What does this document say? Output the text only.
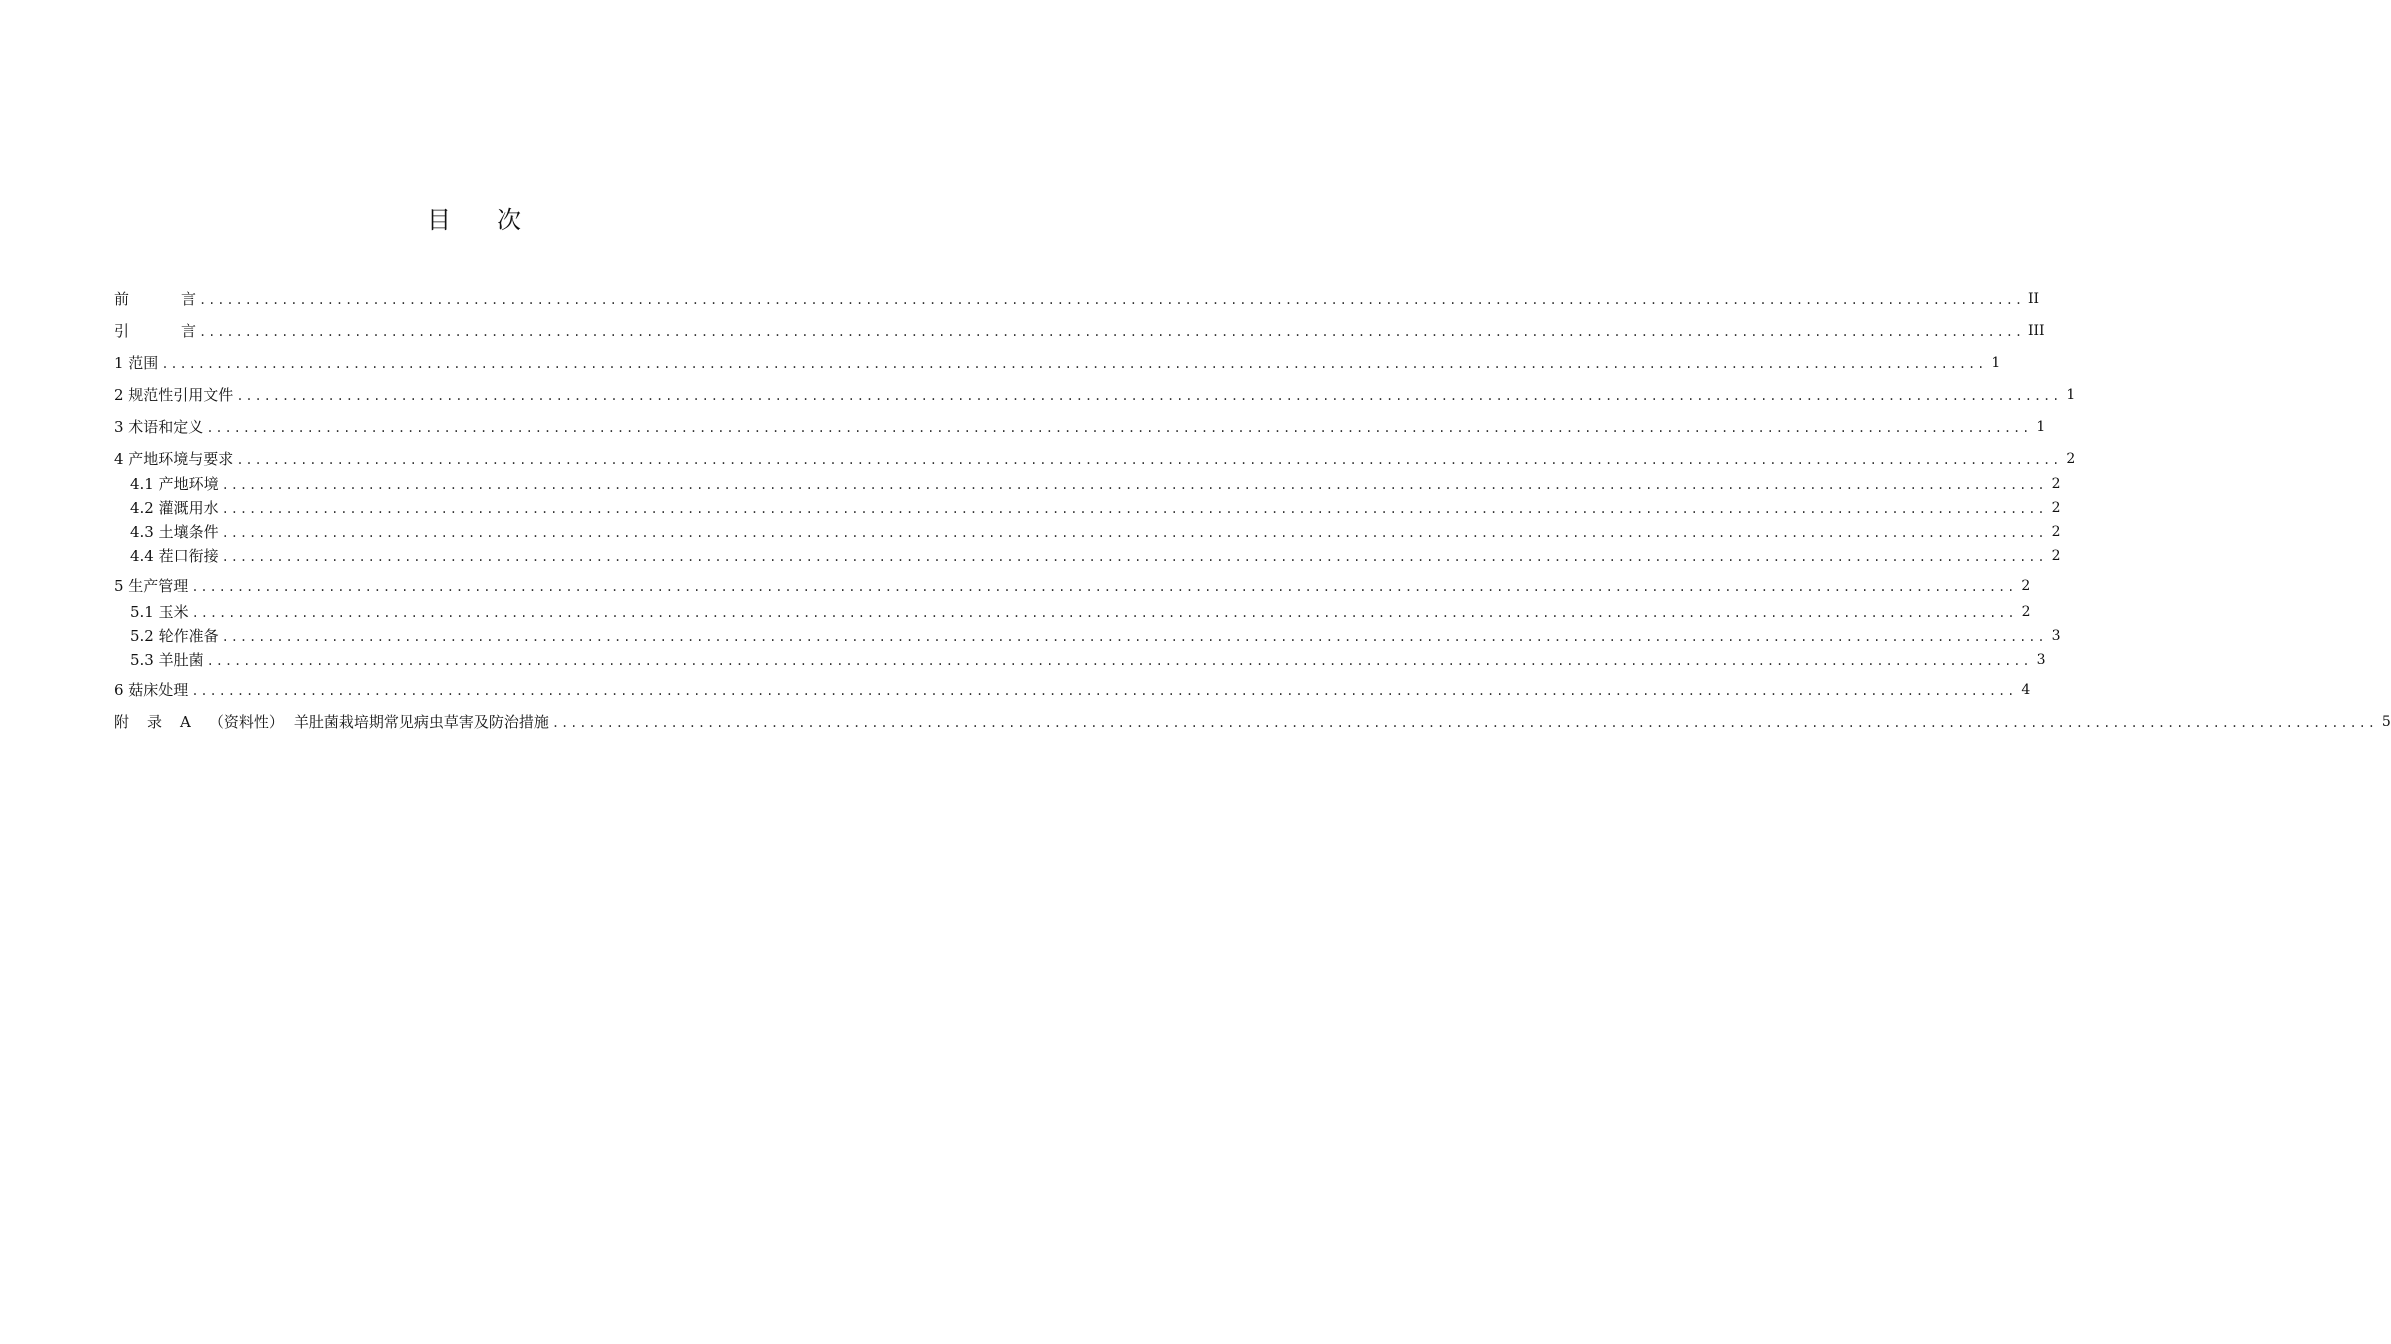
目 次
前	言 ........................................................................................................................................................................................................ II
引	言 ........................................................................................................................................................................................................ III
1 范围 ........................................................................................................................................................................................................ 1
2 规范性引用文件 ........................................................................................................................................................................................................ 1
3 术语和定义 ........................................................................................................................................................................................................ 1
4 产地环境与要求 ........................................................................................................................................................................................................ 2
4.1 产地环境 ........................................................................................................................................................................................................ 2
4.2 灌溉用水 ........................................................................................................................................................................................................ 2
4.3 土壤条件 ........................................................................................................................................................................................................ 2
4.4 茬口衔接 ........................................................................................................................................................................................................ 2
5 生产管理 ........................................................................................................................................................................................................ 2
5.1 玉米 ........................................................................................................................................................................................................ 2
5.2 轮作准备 ........................................................................................................................................................................................................ 3
5.3 羊肚菌 ........................................................................................................................................................................................................ 3
6 菇床处理 ........................................................................................................................................................................................................ 4
附 录 A （资料性） 羊肚菌栽培期常见病虫草害及防治措施 ........................................................................................................................................................................................................ 5
